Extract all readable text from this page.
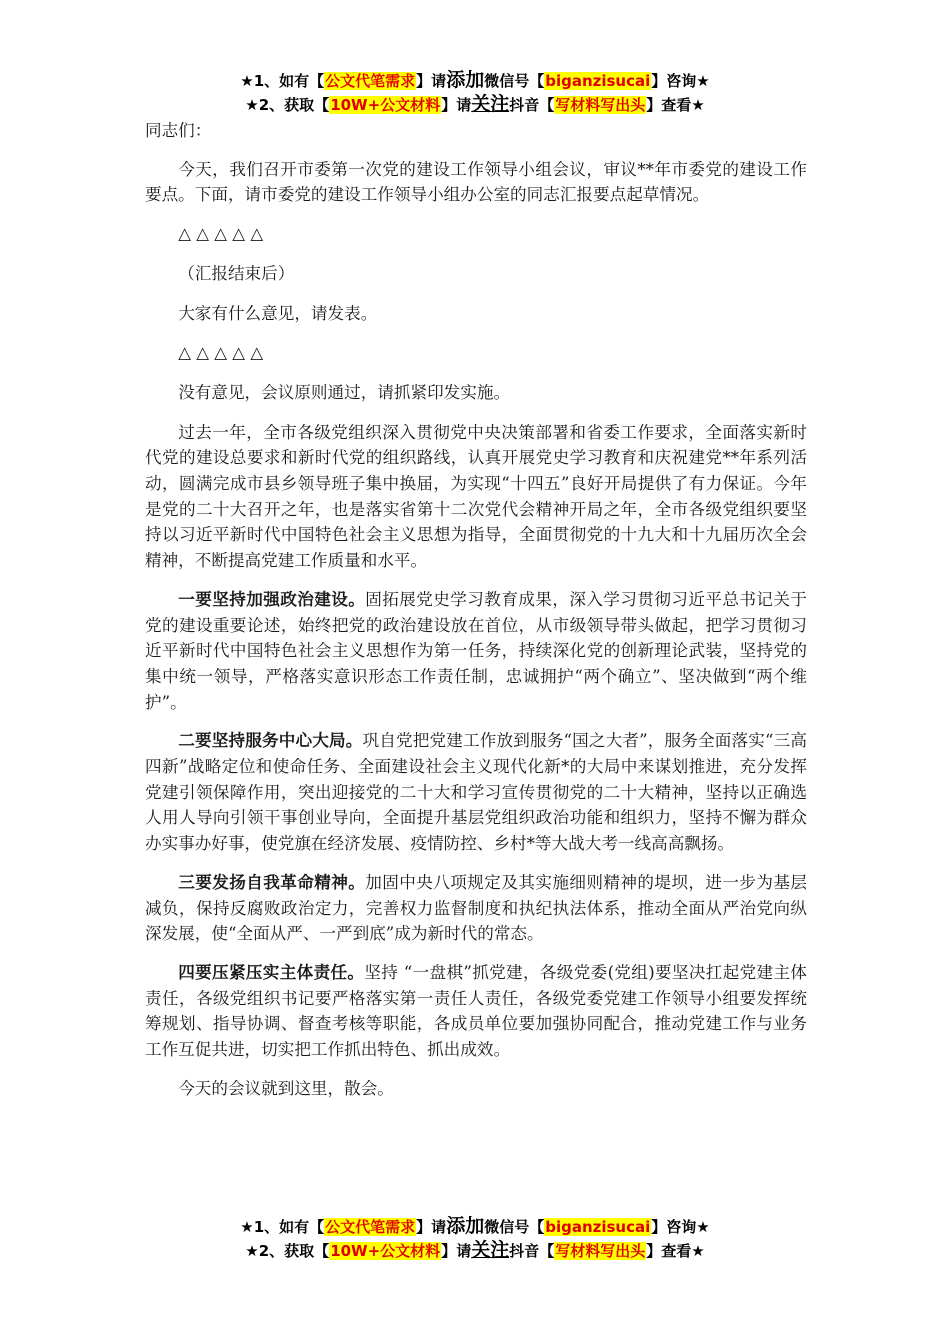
★1、如有【公文代笔需求】请添加微信号【biganzisucai】咨询★
★2、获取【10W+公文材料】请关注抖音【写材料写出头】查看★

同志们：

今天，我们召开市委第一次党的建设工作领导小组会议，审议**年市委党的建设工作要点。下面，请市委党的建设工作领导小组办公室的同志汇报要点起草情况。

△ △ △ △ △

（汇报结束后）

大家有什么意见，请发表。

△ △ △ △ △

没有意见，会议原则通过，请抓紧印发实施。

过去一年，全市各级党组织深入贯彻党中央决策部署和省委工作要求，全面落实新时代党的建设总要求和新时代党的组织路线，认真开展党史学习教育和庆祝建党**年系列活动，圆满完成市县乡领导班子集中换届，为实现“十四五”良好开局提供了有力保证。今年是党的二十大召开之年，也是落实省第十二次党代会精神开局之年，全市各级党组织要坚持以习近平新时代中国特色社会主义思想为指导，全面贯彻党的十九大和十九届历次全会精神，不断提高党建工作质量和水平。

一要坚持加强政治建设。固拓展党史学习教育成果，深入学习贯彻习近平总书记关于党的建设重要论述，始终把党的政治建设放在首位，从市级领导带头做起，把学习贯彻习近平新时代中国特色社会主义思想作为第一任务，持续深化党的创新理论武装，坚持党的集中统一领导，严格落实意识形态工作责任制，忠诚拥护“两个确立”、坚决做到“两个维护”。

二要坚持服务中心大局。巩自党把党建工作放到服务“国之大者”，服务全面落实“三高四新”战略定位和使命任务、全面建设社会主义现代化新*的大局中来谋划推进，充分发挥党建引领保障作用，突出迎接党的二十大和学习宣传贯彻党的二十大精神，坚持以正确选人用人导向引领干事创业导向，全面提升基层党组织政治功能和组织力，坚持不懈为群众办实事办好事，使党旗在经济发展、疫情防控、乡村*等大战大考一线高高飘扬。

三要发扬自我革命精神。加固中央八项规定及其实施细则精神的堤坝，进一步为基层减负，保持反腐败政治定力，完善权力监督制度和执纪执法体系，推动全面从严治党向纵深发展，使“全面从严、一严到底”成为新时代的常态。

四要压紧压实主体责任。坚持 “一盘棋”抓党建，各级党委(党组)要坚决扛起党建主体责任，各级党组织书记要严格落实第一责任人责任，各级党委党建工作领导小组要发挥统筹规划、指导协调、督查考核等职能，各成员单位要加强协同配合，推动党建工作与业务工作互促共进，切实把工作抓出特色、抓出成效。

今天的会议就到这里，散会。

★1、如有【公文代笔需求】请添加微信号【biganzisucai】咨询★
★2、获取【10W+公文材料】请关注抖音【写材料写出头】查看★
